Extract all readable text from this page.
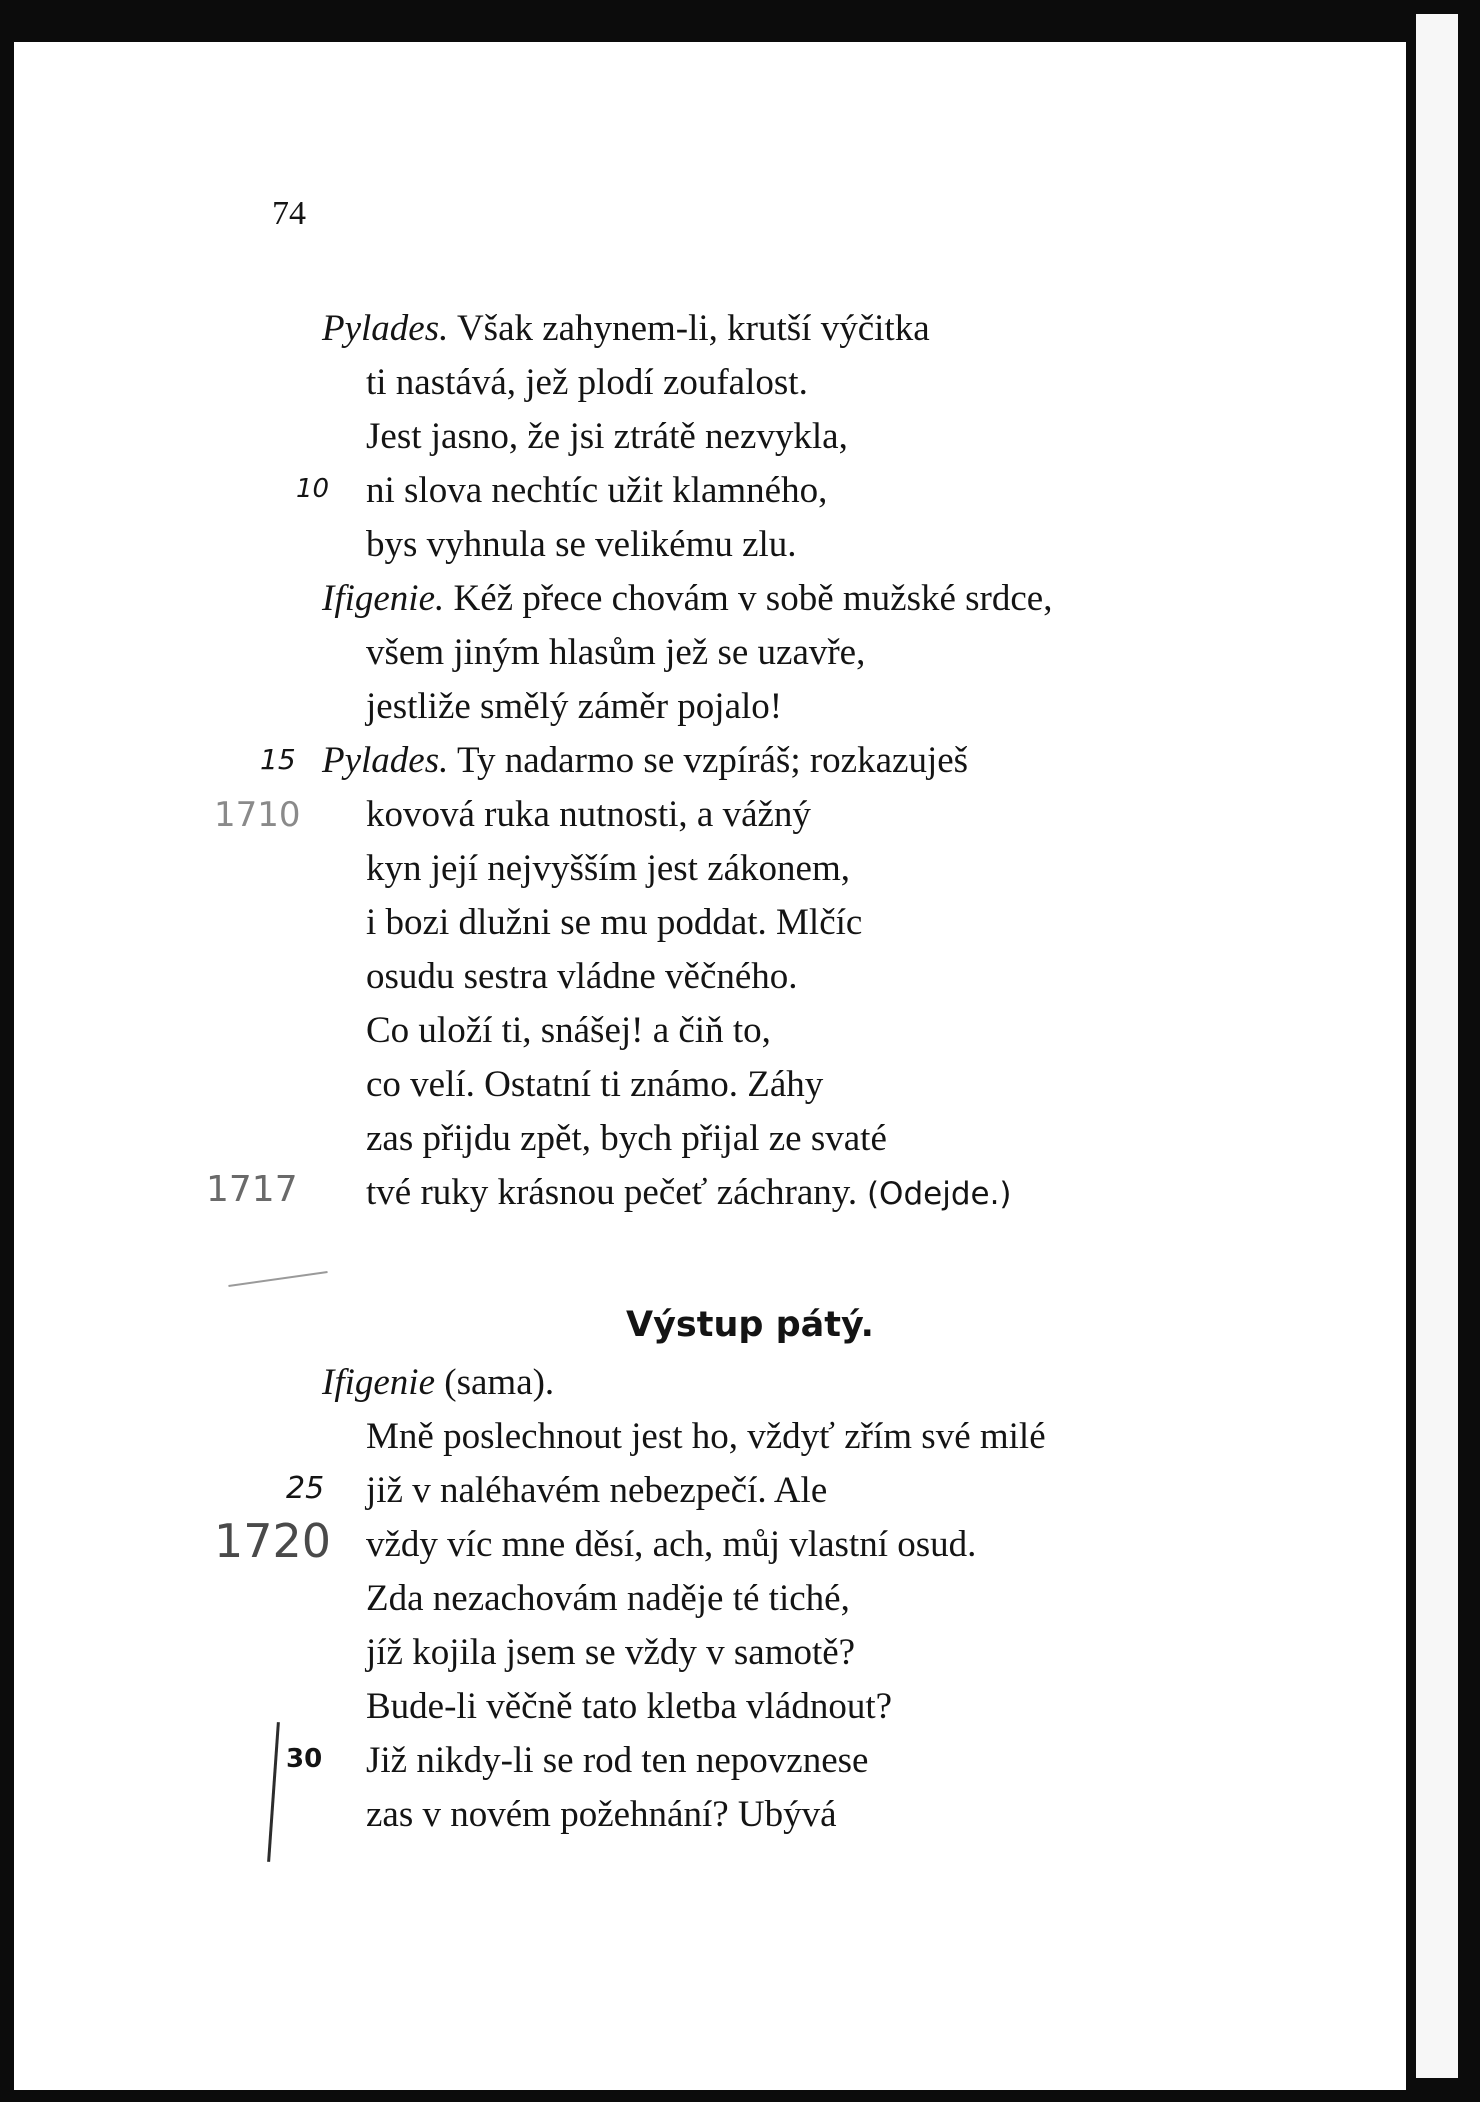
74
Pylades. Však zahynem-li, krutší výčitka
ti nastává, jež plodí zoufalost.
Jest jasno, že jsi ztrátě nezvykla,
ni slova nechtíc užit klamného,
bys vyhnula se velikému zlu.
Ifigenie. Kéž přece chovám v sobě mužské srdce,
všem jiným hlasům jež se uzavře,
jestliže smělý záměr pojalo!
Pylades. Ty nadarmo se vzpíráš; rozkazuješ
kovová ruka nutnosti, a vážný
kyn její nejvyšším jest zákonem,
i bozi dlužni se mu poddat. Mlčíc
osudu sestra vládne věčného.
Co uloží ti, snášej! a čiň to,
co velí. Ostatní ti známo. Záhy
zas přijdu zpět, bych přijal ze svaté
tvé ruky krásnou pečeť záchrany. (Odejde.)
Výstup pátý.
Ifigenie (sama).
Mně poslechnout jest ho, vždyť zřím své milé
již v naléhavém nebezpečí. Ale
vždy víc mne děsí, ach, můj vlastní osud.
Zda nezachovám naděje té tiché,
jíž kojila jsem se vždy v samotě?
Bude-li věčně tato kletba vládnout?
Již nikdy-li se rod ten nepovznese
zas v novém požehnání? Ubývá
10
15
1710
1717
25
1720
30
